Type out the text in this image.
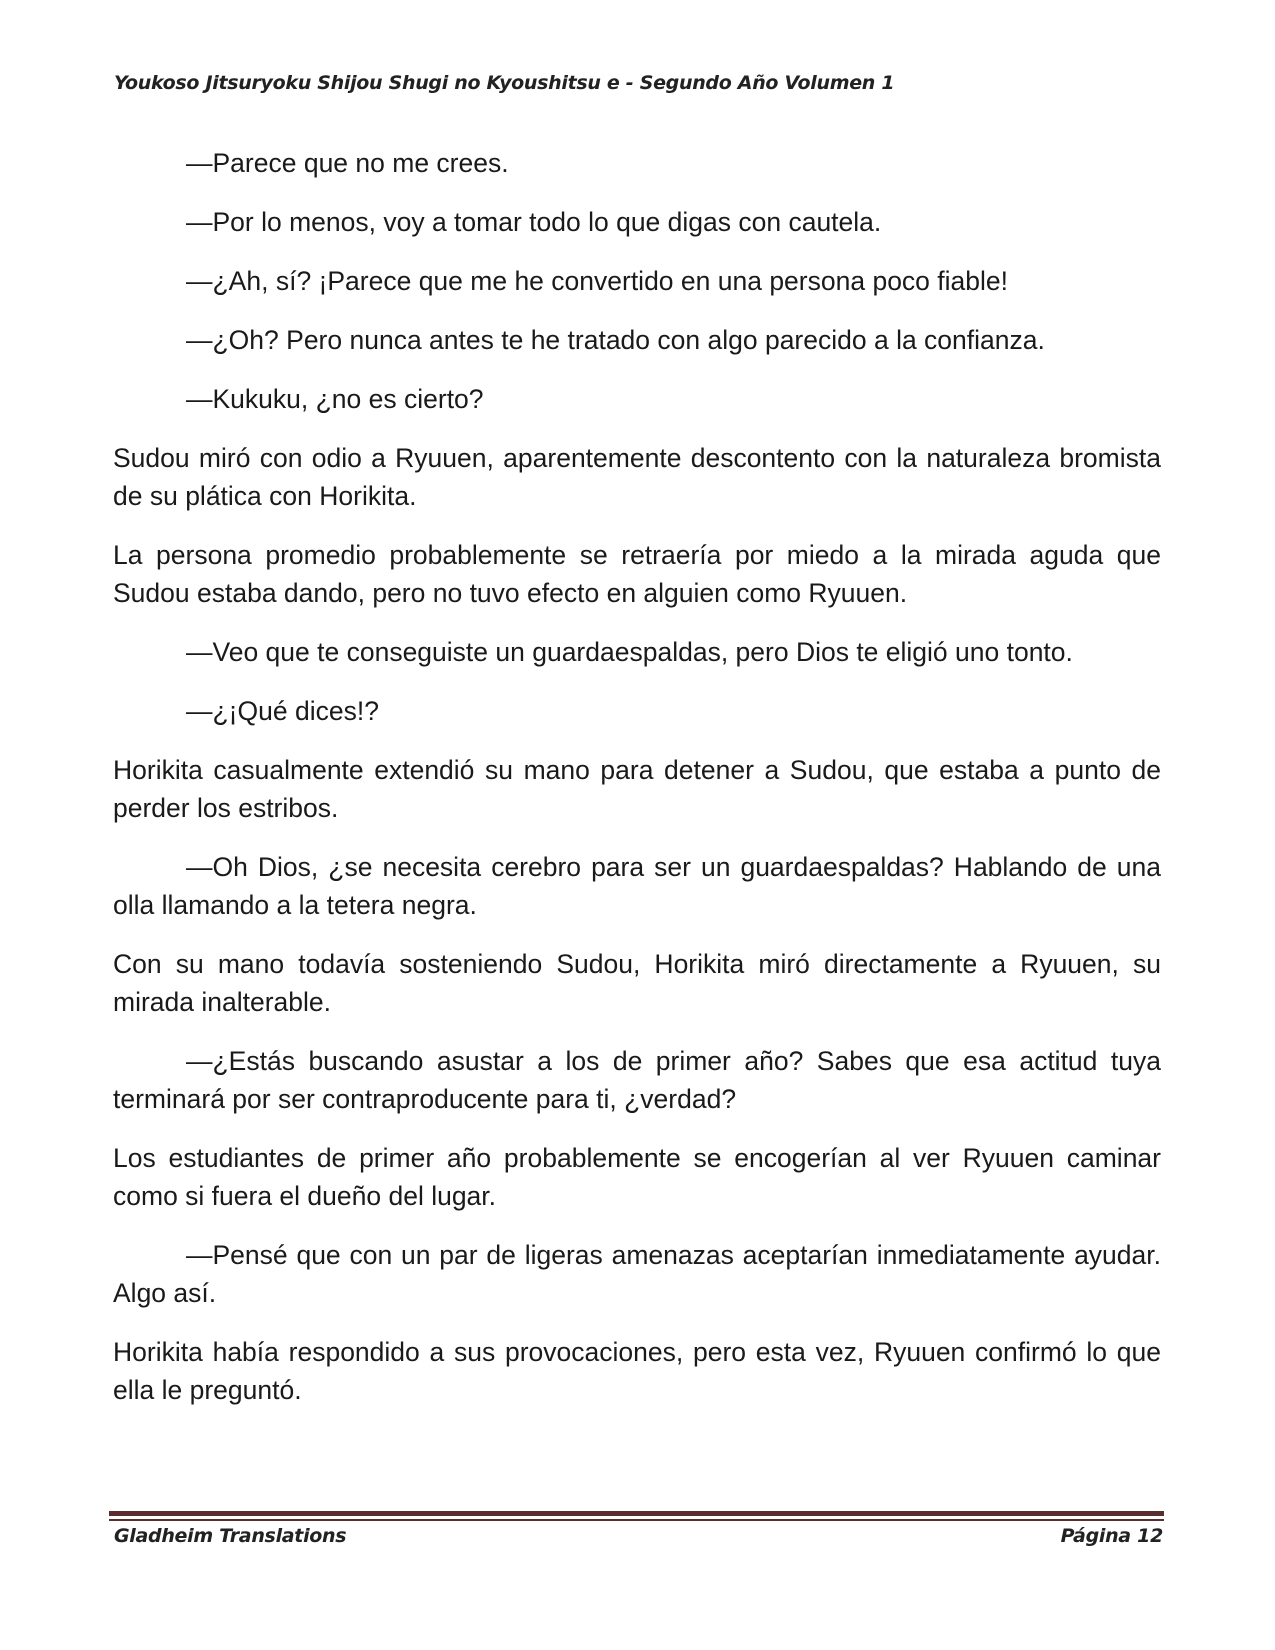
Youkoso Jitsuryoku Shijou Shugi no Kyoushitsu e - Segundo Año Volumen 1

—Parece que no me crees.

—Por lo menos, voy a tomar todo lo que digas con cautela.

—¿Ah, sí? ¡Parece que me he convertido en una persona poco fiable!

—¿Oh? Pero nunca antes te he tratado con algo parecido a la confianza.

—Kukuku, ¿no es cierto?

Sudou miró con odio a Ryuuen, aparentemente descontento con la naturaleza bromista de su plática con Horikita.

La persona promedio probablemente se retraería por miedo a la mirada aguda que Sudou estaba dando, pero no tuvo efecto en alguien como Ryuuen.

—Veo que te conseguiste un guardaespaldas, pero Dios te eligió uno tonto.

—¿¡Qué dices!?

Horikita casualmente extendió su mano para detener a Sudou, que estaba a punto de perder los estribos.

—Oh Dios, ¿se necesita cerebro para ser un guardaespaldas? Hablando de una olla llamando a la tetera negra.

Con su mano todavía sosteniendo Sudou, Horikita miró directamente a Ryuuen, su mirada inalterable.

—¿Estás buscando asustar a los de primer año? Sabes que esa actitud tuya terminará por ser contraproducente para ti, ¿verdad?

Los estudiantes de primer año probablemente se encogerían al ver Ryuuen caminar como si fuera el dueño del lugar.

—Pensé que con un par de ligeras amenazas aceptarían inmediatamente ayudar. Algo así.

Horikita había respondido a sus provocaciones, pero esta vez, Ryuuen confirmó lo que ella le preguntó.

Gladheim Translations	Página 12
